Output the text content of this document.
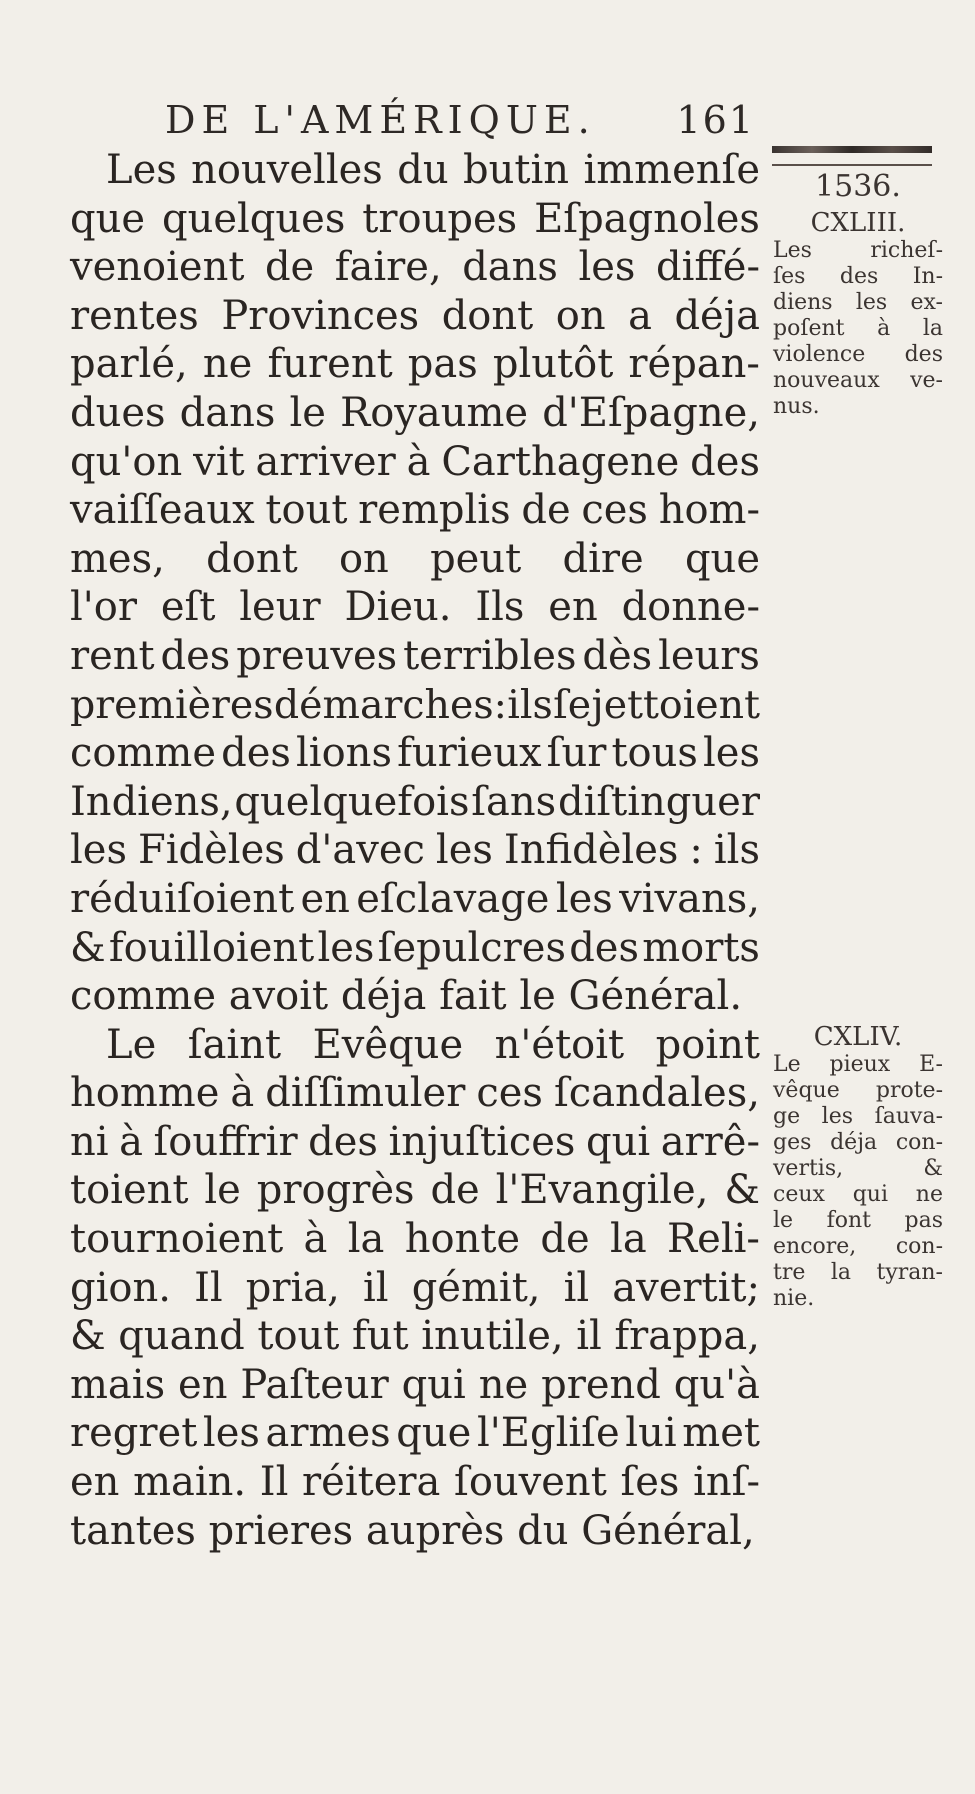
DE L'AMÉRIQUE. 161
Les nouvelles du butin immenſe
que quelques troupes Eſpagnoles
venoient de faire, dans les diffé-
rentes Provinces dont on a déja
parlé, ne furent pas plutôt répan-
dues dans le Royaume d'Eſpagne,
qu'on vit arriver à Carthagene des
vaiſſeaux tout remplis de ces hom-
mes, dont on peut dire que
l'or eſt leur Dieu. Ils en donne-
rent des preuves terribles dès leurs
premières démarches: ils ſe jettoient
comme des lions furieux ſur tous les
Indiens, quelquefois ſans diſtinguer
les Fidèles d'avec les Infidèles : ils
réduiſoient en eſclavage les vivans,
& fouilloient les ſepulcres des morts
comme avoit déja fait le Général.
Le ſaint Evêque n'étoit point
homme à diſſimuler ces ſcandales,
ni à ſouffrir des injuſtices qui arrê-
toient le progrès de l'Evangile, &
tournoient à la honte de la Reli-
gion. Il pria, il gémit, il avertit;
& quand tout fut inutile, il frappa,
mais en Paſteur qui ne prend qu'à
regret les armes que l'Egliſe lui met
en main. Il réitera ſouvent ſes inſ-
tantes prieres auprès du Général,
1536.
CXLIII.
Les	richeſ-
ſes des In-
diens les ex-
poſent à la
violence des
nouveaux ve-
nus.
CXLIV.
Le pieux E-
vêque prote-
ge les ſauva-
ges déja con-
vertis,	&
ceux qui ne
le font pas
encore, con-
tre la tyran-
nie.
